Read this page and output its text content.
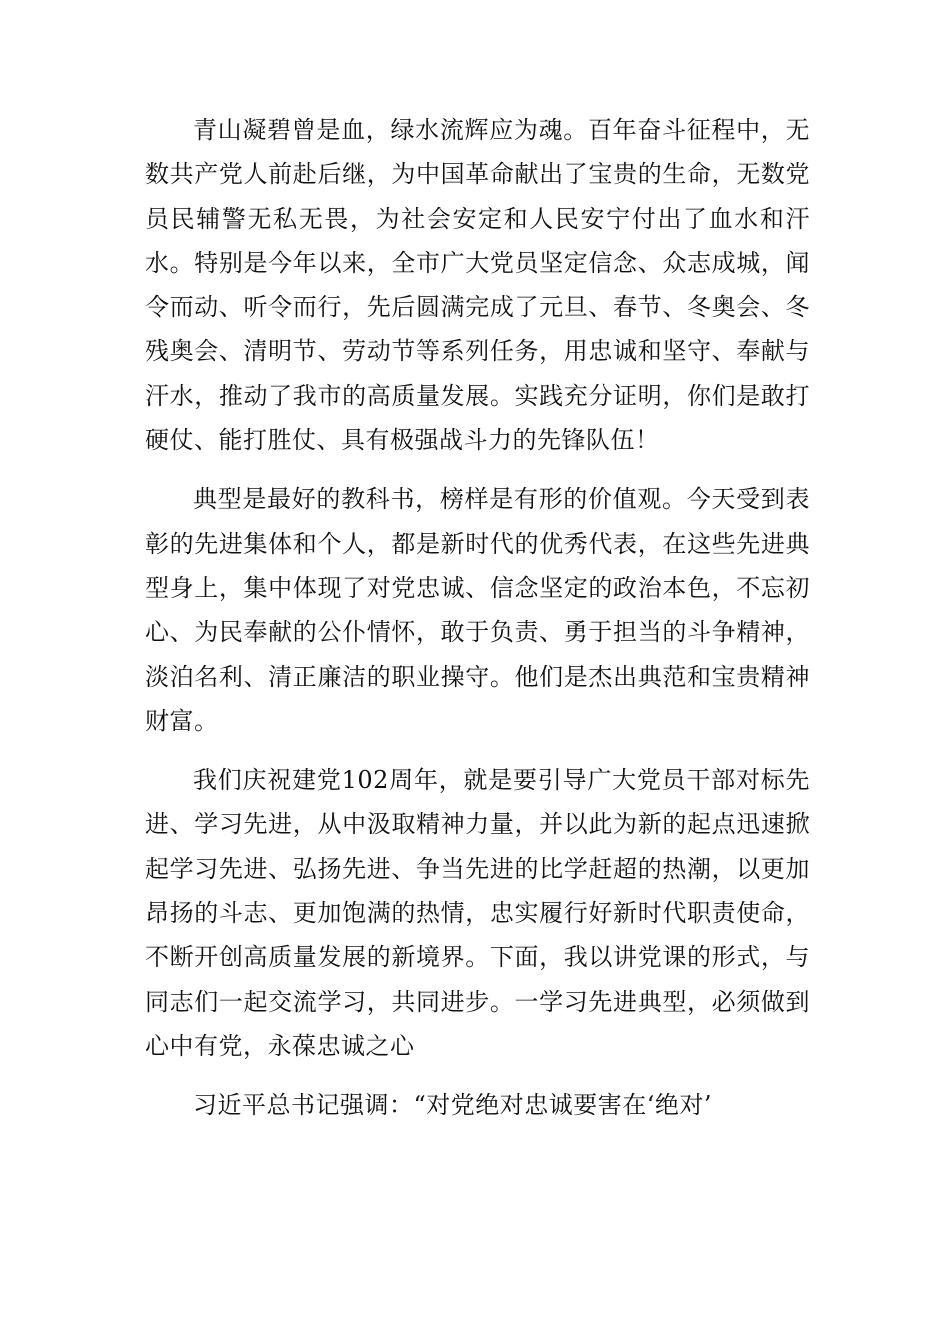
青山凝碧曾是血，绿水流辉应为魂。百年奋斗征程中，无数共产党人前赴后继，为中国革命献出了宝贵的生命，无数党员民辅警无私无畏，为社会安定和人民安宁付出了血水和汗水。特别是今年以来，全市广大党员坚定信念、众志成城，闻令而动、听令而行，先后圆满完成了元旦、春节、冬奥会、冬残奥会、清明节、劳动节等系列任务，用忠诚和坚守、奉献与汗水，推动了我市的高质量发展。实践充分证明，你们是敢打硬仗、能打胜仗、具有极强战斗力的先锋队伍！

典型是最好的教科书，榜样是有形的价值观。今天受到表彰的先进集体和个人，都是新时代的优秀代表，在这些先进典型身上，集中体现了对党忠诚、信念坚定的政治本色，不忘初心、为民奉献的公仆情怀，敢于负责、勇于担当的斗争精神，淡泊名利、清正廉洁的职业操守。他们是杰出典范和宝贵精神财富。

我们庆祝建党102周年，就是要引导广大党员干部对标先进、学习先进，从中汲取精神力量，并以此为新的起点迅速掀起学习先进、弘扬先进、争当先进的比学赶超的热潮，以更加昂扬的斗志、更加饱满的热情，忠实履行好新时代职责使命，不断开创高质量发展的新境界。下面，我以讲党课的形式，与同志们一起交流学习，共同进步。一学习先进典型，必须做到心中有党，永葆忠诚之心

习近平总书记强调：“对党绝对忠诚要害在‘绝对’
